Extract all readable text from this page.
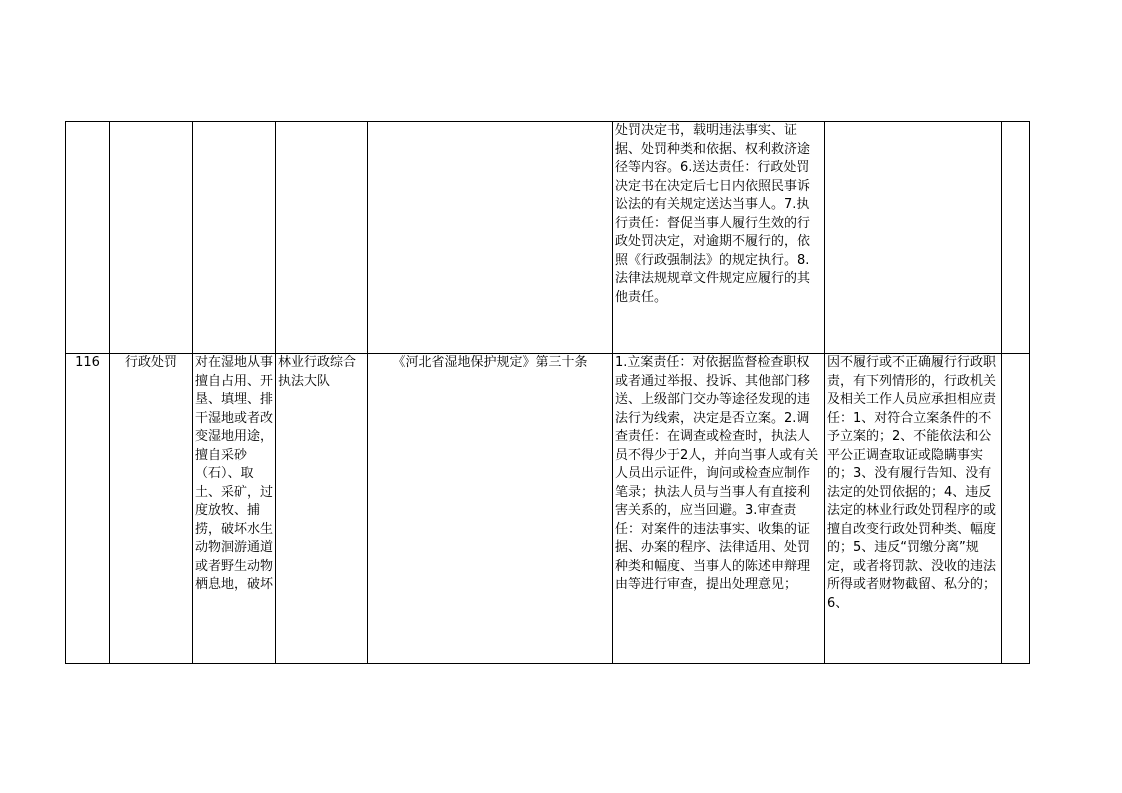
					处罚决定书，载明违法事实、证据、处罚种类和依据、权利救济途径等内容。6.送达责任：行政处罚决定书在决定后七日内依照民事诉讼法的有关规定送达当事人。7.执行责任：督促当事人履行生效的行政处罚决定，对逾期不履行的，依照《行政强制法》的规定执行。8.法律法规规章文件规定应履行的其他责任。		

116	行政处罚	对在湿地从事擅自占用、开垦、填埋、排干湿地或者改变湿地用途，擅自采砂（石）、取土、采矿，过度放牧、捕捞，破坏水生动物洄游通道或者野生动物栖息地，破坏	林业行政综合执法大队	《河北省湿地保护规定》第三十条	1.立案责任：对依据监督检查职权或者通过举报、投诉、其他部门移送、上级部门交办等途径发现的违法行为线索，决定是否立案。2.调查责任：在调查或检查时，执法人员不得少于2人，并向当事人或有关人员出示证件，询问或检查应制作笔录；执法人员与当事人有直接利害关系的，应当回避。3.审查责任：对案件的违法事实、收集的证据、办案的程序、法律适用、处罚种类和幅度、当事人的陈述申辩理由等进行审查，提出处理意见；	因不履行或不正确履行行政职责，有下列情形的，行政机关及相关工作人员应承担相应责任：1、对符合立案条件的不予立案的；2、不能依法和公平公正调查取证或隐瞒事实的；3、没有履行告知、没有法定的处罚依据的；4、违反法定的林业行政处罚程序的或擅自改变行政处罚种类、幅度的；5、违反“罚缴分离”规定，或者将罚款、没收的违法所得或者财物截留、私分的；6、	
